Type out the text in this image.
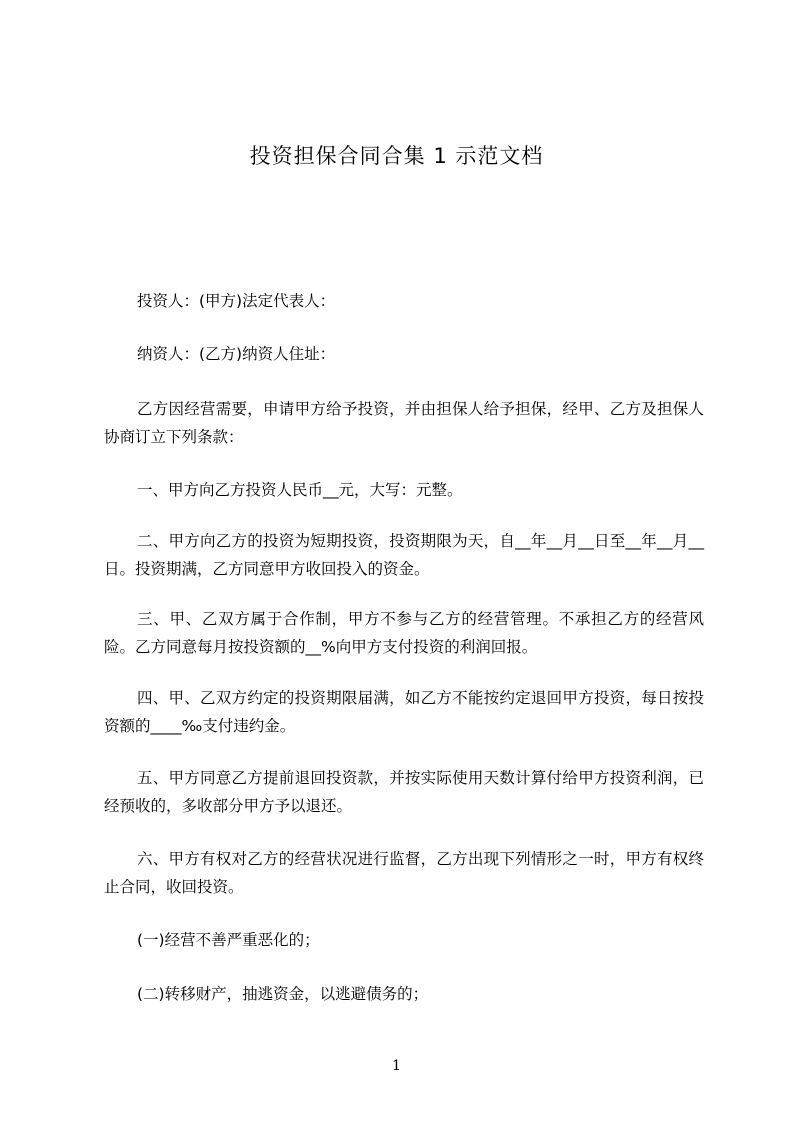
投资担保合同合集 1 示范文档
投资人：(甲方)法定代表人：
纳资人：(乙方)纳资人住址：
乙方因经营需要，申请甲方给予投资，并由担保人给予担保，经甲、乙方及担保人协商订立下列条款：
一、甲方向乙方投资人民币__元，大写：元整。
二、甲方向乙方的投资为短期投资，投资期限为天，自__年__月__日至__年__月__日。投资期满，乙方同意甲方收回投入的资金。
三、甲、乙双方属于合作制，甲方不参与乙方的经营管理。不承担乙方的经营风险。乙方同意每月按投资额的__%向甲方支付投资的利润回报。
四、甲、乙双方约定的投资期限届满，如乙方不能按约定退回甲方投资，每日按投资额的____‰支付违约金。
五、甲方同意乙方提前退回投资款，并按实际使用天数计算付给甲方投资利润，已经预收的，多收部分甲方予以退还。
六、甲方有权对乙方的经营状况进行监督，乙方出现下列情形之一时，甲方有权终止合同，收回投资。
(一)经营不善严重恶化的；
(二)转移财产，抽逃资金，以逃避债务的；
1
